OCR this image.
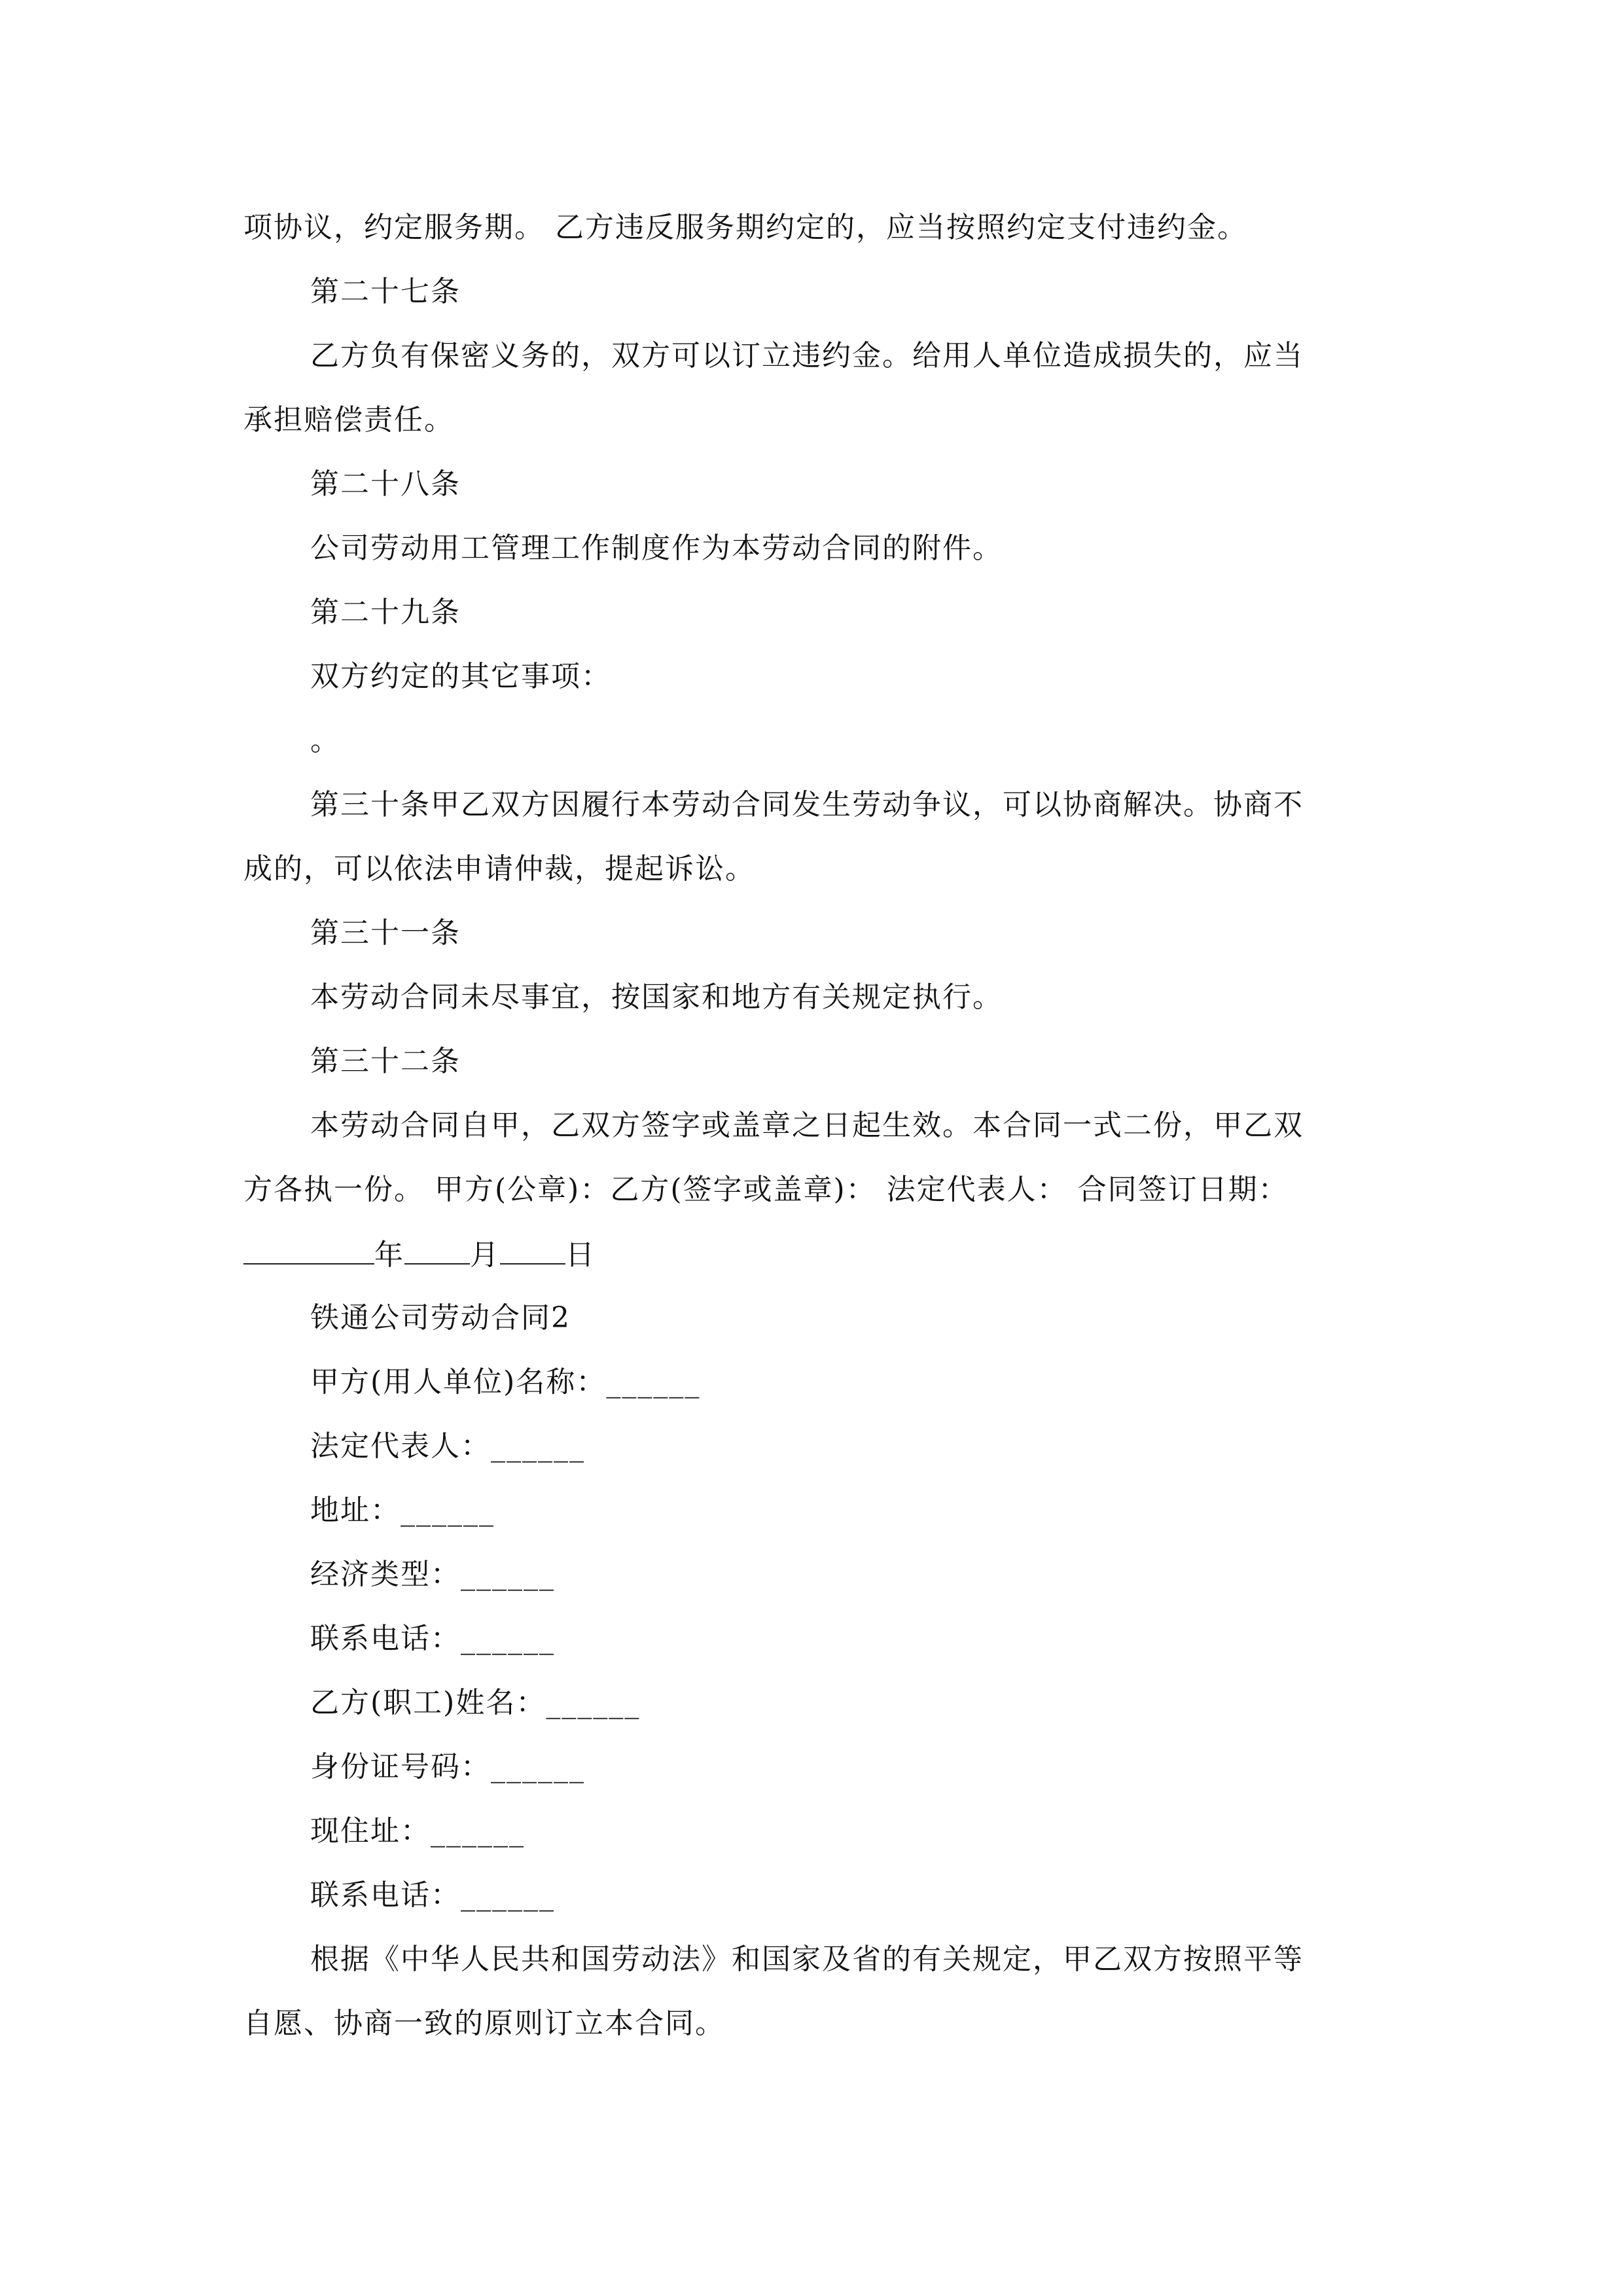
项协议，约定服务期。 乙方违反服务期约定的，应当按照约定支付违约金。
第二十七条
乙方负有保密义务的，双方可以订立违约金。给用人单位造成损失的，应当
承担赔偿责任。
第二十八条
公司劳动用工管理工作制度作为本劳动合同的附件。
第二十九条
双方约定的其它事项：
。
第三十条甲乙双方因履行本劳动合同发生劳动争议，可以协商解决。协商不
成的，可以依法申请仲裁，提起诉讼。
第三十一条
本劳动合同未尽事宜，按国家和地方有关规定执行。
第三十二条
本劳动合同自甲，乙双方签字或盖章之日起生效。本合同一式二份，甲乙双
方各执一份。 甲方(公章)：乙方(签字或盖章)： 法定代表人： 合同签订日期：
年 月 日
铁通公司劳动合同2
甲方(用人单位)名称：______
法定代表人：______
地址：______
经济类型：______
联系电话：______
乙方(职工)姓名：______
身份证号码：______
现住址：______
联系电话：______
根据《中华人民共和国劳动法》和国家及省的有关规定，甲乙双方按照平等
自愿、协商一致的原则订立本合同。
